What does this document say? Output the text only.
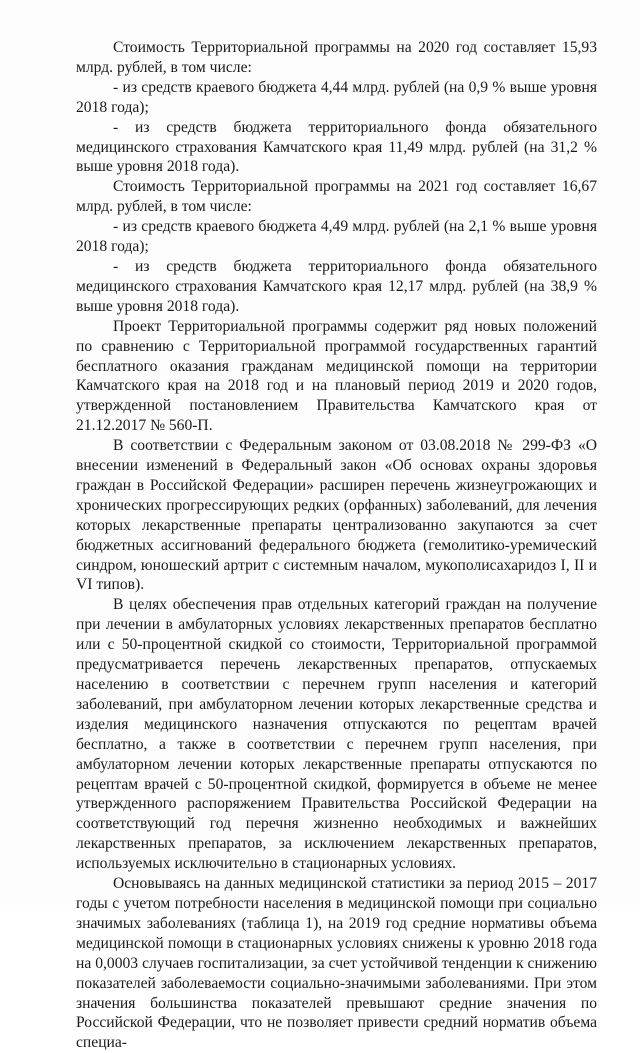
Стоимость Территориальной программы на 2020 год составляет 15,93 млрд. рублей, в том числе:

- из средств краевого бюджета 4,44 млрд. рублей (на 0,9 % выше уровня 2018 года);

- из средств бюджета территориального фонда обязательного медицинского страхования Камчатского края 11,49 млрд. рублей (на 31,2 % выше уровня 2018 года).

Стоимость Территориальной программы на 2021 год составляет 16,67 млрд. рублей, в том числе:

- из средств краевого бюджета 4,49 млрд. рублей (на 2,1 % выше уровня 2018 года);

- из средств бюджета территориального фонда обязательного медицинского страхования Камчатского края 12,17 млрд. рублей (на 38,9 % выше уровня 2018 года).

Проект Территориальной программы содержит ряд новых положений по сравнению с Территориальной программой государственных гарантий бесплатного оказания гражданам медицинской помощи на территории Камчатского края на 2018 год и на плановый период 2019 и 2020 годов, утвержденной постановлением Правительства Камчатского края от 21.12.2017 № 560-П.

В соответствии с Федеральным законом от 03.08.2018 № 299-ФЗ «О внесении изменений в Федеральный закон «Об основах охраны здоровья граждан в Российской Федерации» расширен перечень жизнеугрожающих и хронических прогрессирующих редких (орфанных) заболеваний, для лечения которых лекарственные препараты централизованно закупаются за счет бюджетных ассигнований федерального бюджета (гемолитико-уремический синдром, юношеский артрит с системным началом, мукополисахаридоз I, II и VI типов).

В целях обеспечения прав отдельных категорий граждан на получение при лечении в амбулаторных условиях лекарственных препаратов бесплатно или с 50-процентной скидкой со стоимости, Территориальной программой предусматривается перечень лекарственных препаратов, отпускаемых населению в соответствии с перечнем групп населения и категорий заболеваний, при амбулаторном лечении которых лекарственные средства и изделия медицинского назначения отпускаются по рецептам врачей бесплатно, а также в соответствии с перечнем групп населения, при амбулаторном лечении которых лекарственные препараты отпускаются по рецептам врачей с 50-процентной скидкой, формируется в объеме не менее утвержденного распоряжением Правительства Российской Федерации на соответствующий год перечня жизненно необходимых и важнейших лекарственных препаратов, за исключением лекарственных препаратов, используемых исключительно в стационарных условиях.

Основываясь на данных медицинской статистики за период 2015 – 2017 годы с учетом потребности населения в медицинской помощи при социально значимых заболеваниях (таблица 1), на 2019 год средние нормативы объема медицинской помощи в стационарных условиях снижены к уровню 2018 года на 0,0003 случаев госпитализации, за счет устойчивой тенденции к снижению показателей заболеваемости социально-значимыми заболеваниями. При этом значения большинства показателей превышают средние значения по Российской Федерации, что не позволяет привести средний норматив объема специа-
